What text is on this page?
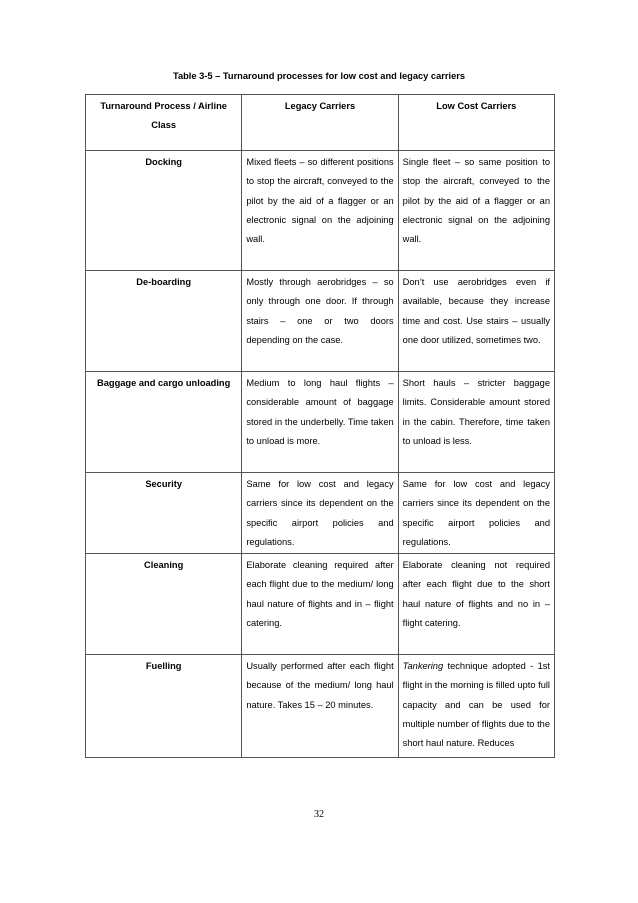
Table 3-5 – Turnaround processes for low cost and legacy carriers
Turnaround Process / Airline Class	Legacy Carriers	Low Cost Carriers
Docking	Mixed fleets – so different positions to stop the aircraft, conveyed to the pilot by the aid of a flagger or an electronic signal on the adjoining wall.	Single fleet – so same position to stop the aircraft, conveyed to the pilot by the aid of a flagger or an electronic signal on the adjoining wall.
De-boarding	Mostly through aerobridges – so only through one door. If through stairs – one or two doors depending on the case.	Don’t use aerobridges even if available, because they increase time and cost. Use stairs – usually one door utilized, sometimes two.
Baggage and cargo unloading	Medium to long haul flights – considerable amount of baggage stored in the underbelly. Time taken to unload is more.	Short hauls – stricter baggage limits. Considerable amount stored in the cabin. Therefore, time taken to unload is less.
Security	Same for low cost and legacy carriers since its dependent on the specific airport policies and regulations.	Same for low cost and legacy carriers since its dependent on the specific airport policies and regulations.
Cleaning	Elaborate cleaning required after each flight due to the medium/ long haul nature of flights and in – flight catering.	Elaborate cleaning not required after each flight due to the short haul nature of flights and no in – flight catering.
Fuelling	Usually performed after each flight because of the medium/ long haul nature. Takes 15 – 20 minutes.	Tankering technique adopted - 1st flight in the morning is filled upto full capacity and can be used for multiple number of flights due to the short haul nature. Reduces
32
